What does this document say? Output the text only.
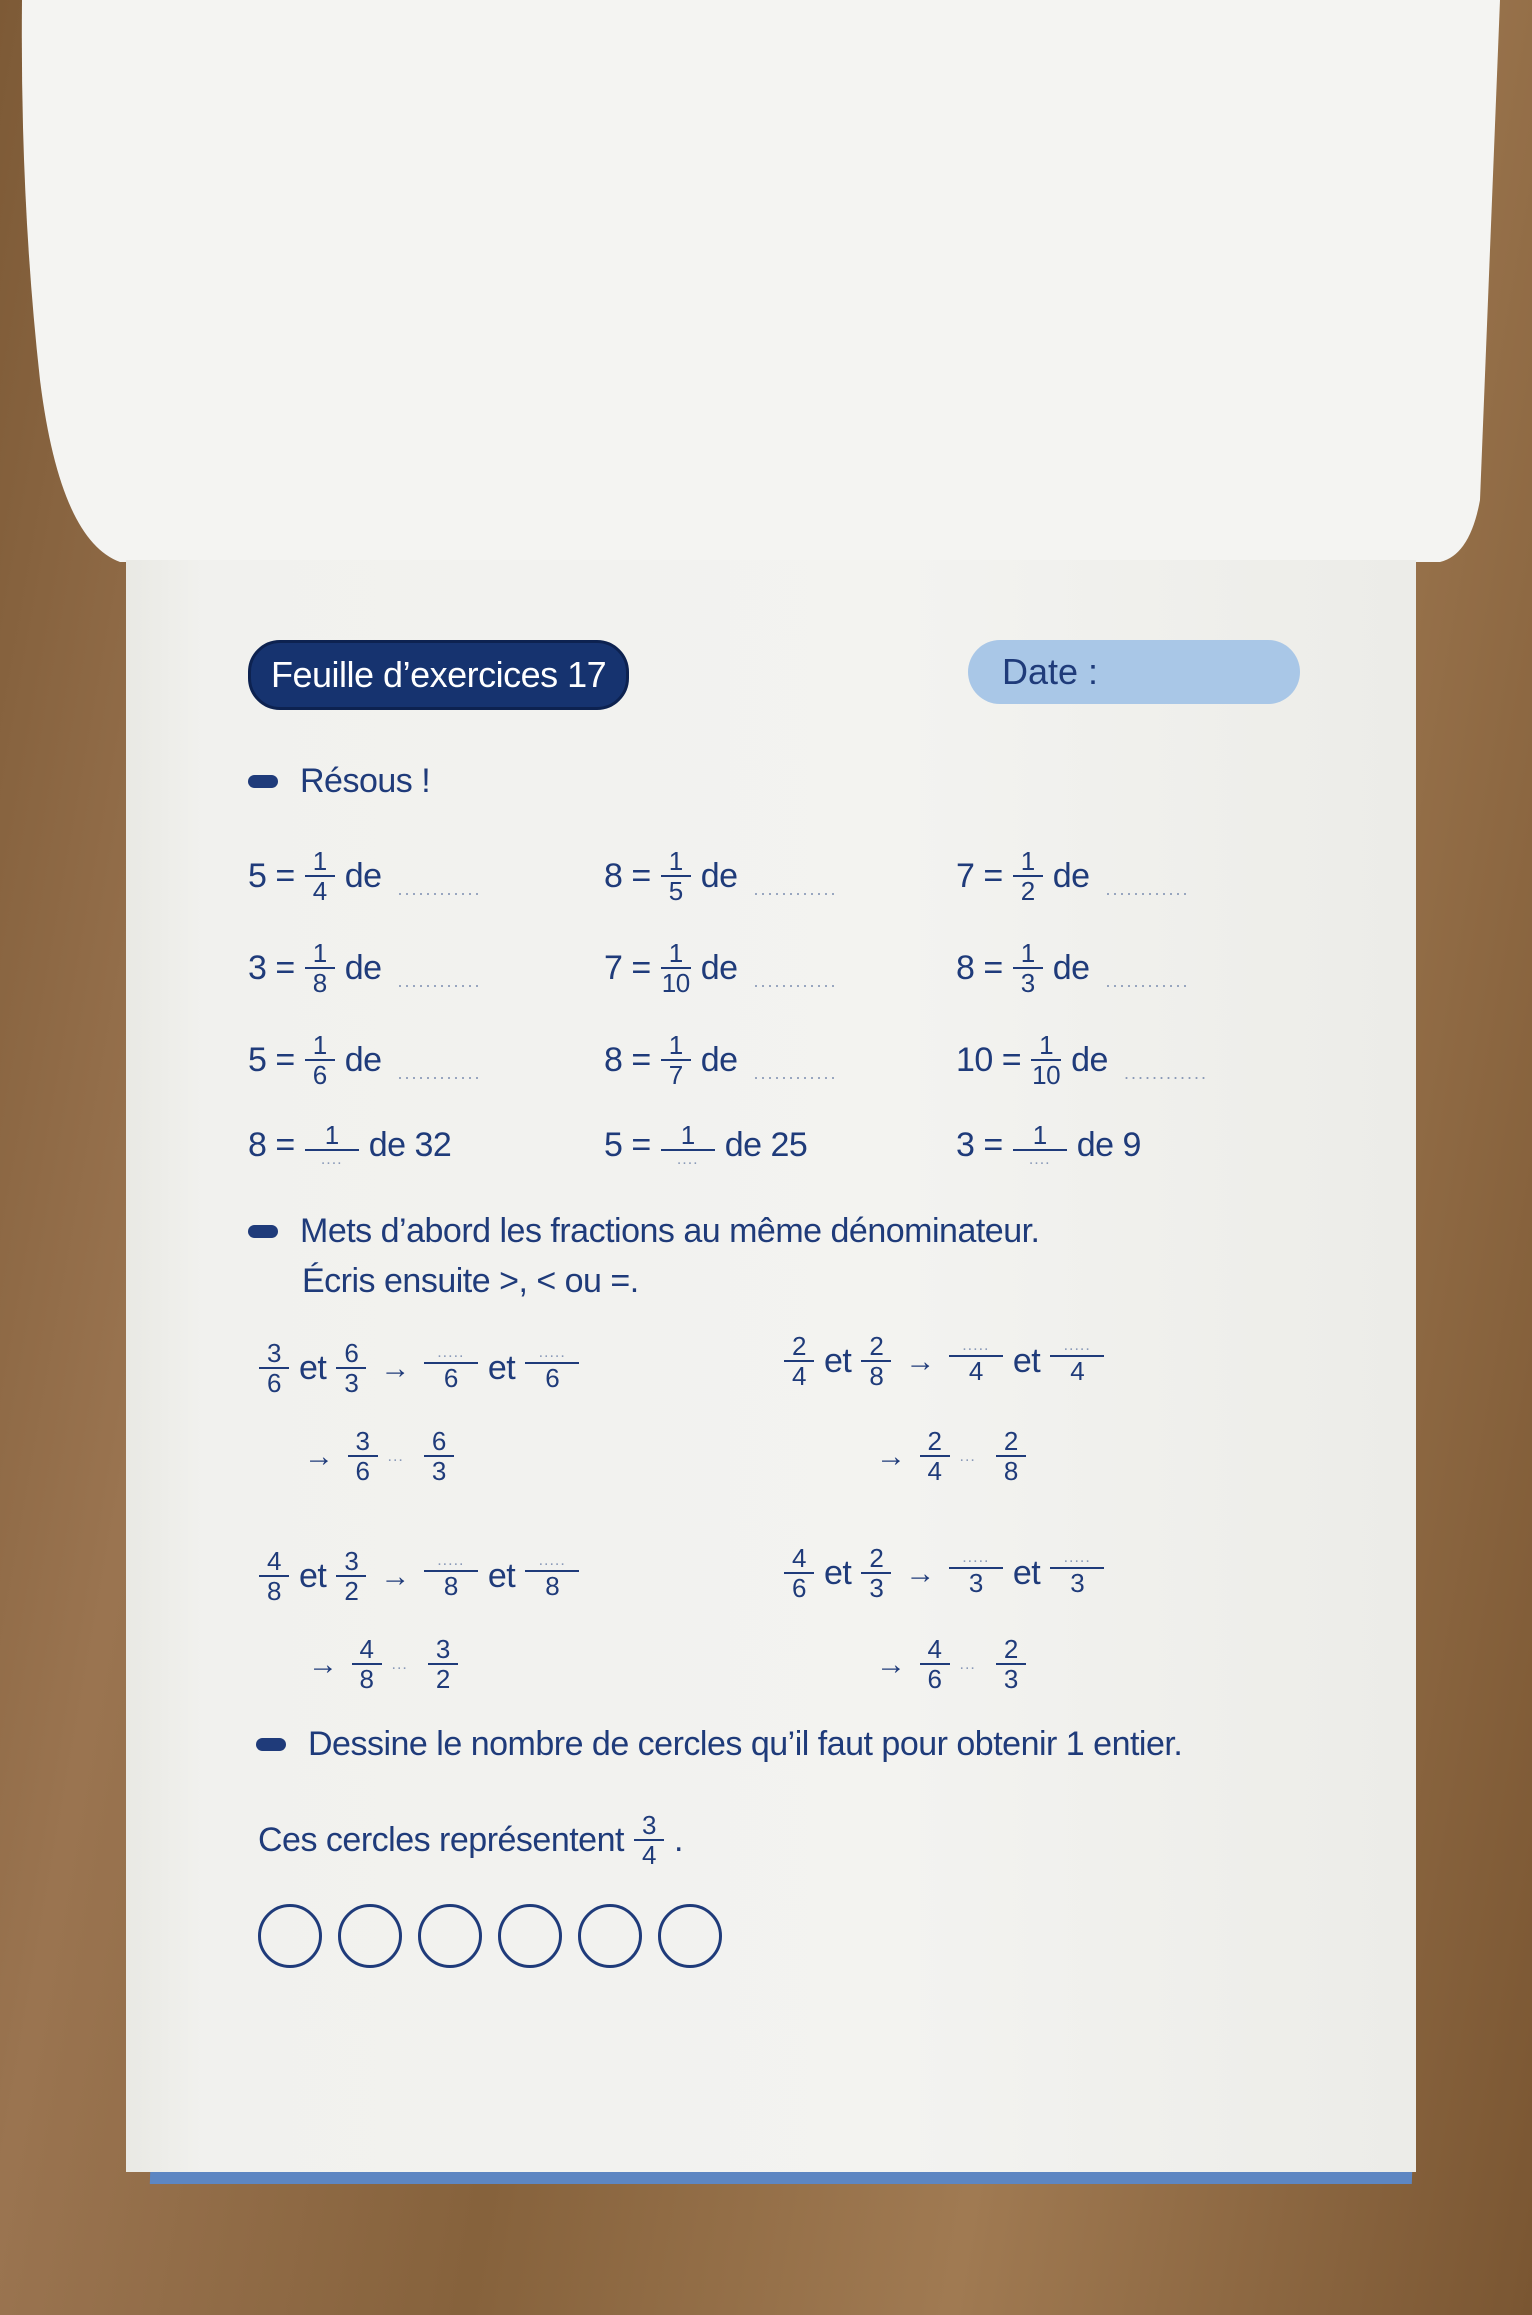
Feuille d’exercices 17	Date :
Résous !
$5 = \frac{1}{4}$ de ............	$8 = \frac{1}{5}$ de ............	$7 = \frac{1}{2}$ de ............
$3 = \frac{1}{8}$ de ............	$7 = \frac{1}{10}$ de ............	$8 = \frac{1}{3}$ de ............
$5 = \frac{1}{6}$ de ............	$8 = \frac{1}{7}$ de ............	$10 = \frac{1}{10}$ de ............
$8 = \frac{1}{....}$ de 32	$5 = \frac{1}{....}$ de 25	$3 = \frac{1}{....}$ de 9
Mets d’abord les fractions au même dénominateur.
Écris ensuite >, < ou =.
$\frac{3}{6}$ et $\frac{6}{3} \to \frac{.....}{6}$ et $\frac{.....}{6}$
→ $\frac{3}{6}$ ... $\frac{6}{3}$
$\frac{2}{4}$ et $\frac{2}{8} \to \frac{.....}{4}$ et $\frac{.....}{4}$
→ $\frac{2}{4}$ ... $\frac{2}{8}$
$\frac{4}{8}$ et $\frac{3}{2} \to \frac{.....}{8}$ et $\frac{.....}{8}$
→ $\frac{4}{8}$ ... $\frac{3}{2}$
$\frac{4}{6}$ et $\frac{2}{3} \to \frac{.....}{3}$ et $\frac{.....}{3}$
→ $\frac{4}{6}$ ... $\frac{2}{3}$
Dessine le nombre de cercles qu’il faut pour obtenir 1 entier.
Ces cercles représentent $\frac{3}{4}$ .
